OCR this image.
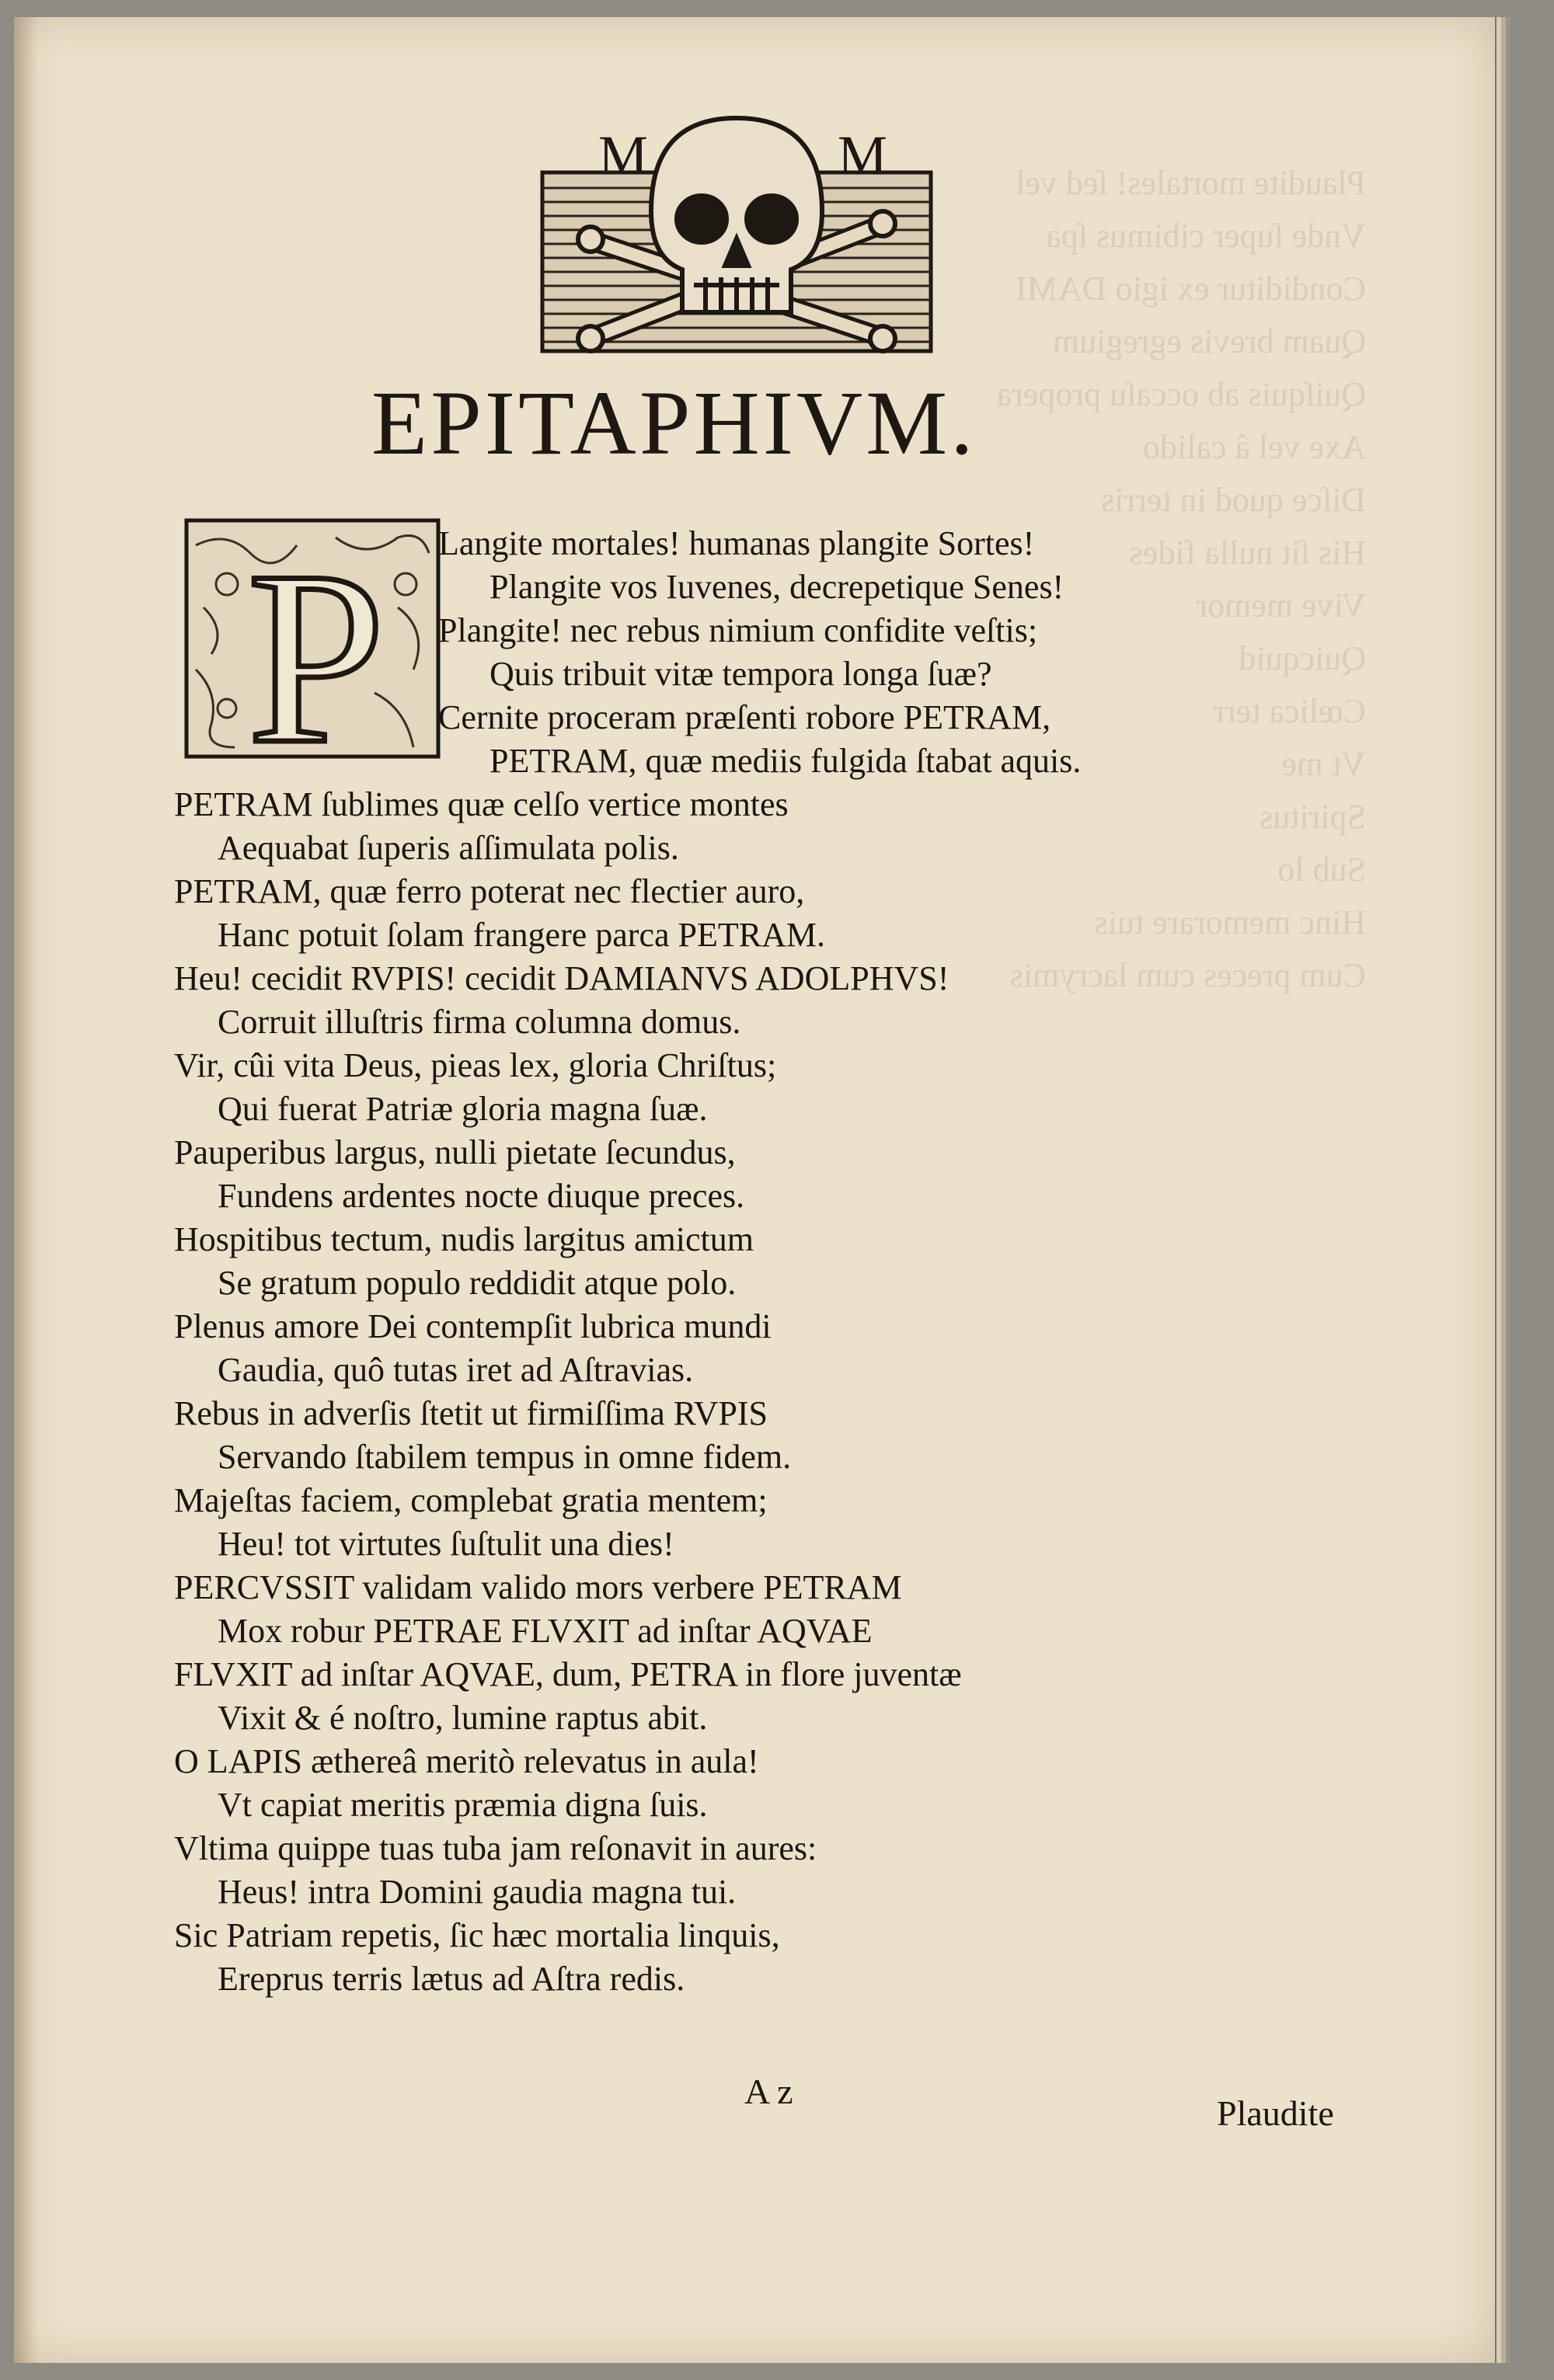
Plaudite mortales! ſed vel
Vnde ſuper cibimus ſpa
Condiditur ex igio DAMI
Quam brevis egregium
Quiſquis ab occaſu propera
Axe vel â calido
Diſce quod in terris
His ſit nulla fides
Vive memor
Quicquid
Cœlica terr
Vt me
Spiritus
Sub lo
Hinc memorare tuis
Cum preces cum lacrymis
M	M
EPITAPHIVM.
P Langite mortales! humanas plangite Sortes!
Plangite vos Iuvenes, decrepetique Senes!
Plangite! nec rebus nimium confidite veſtis;
Quis tribuit vitæ tempora longa ſuæ?
Cernite proceram præſenti robore PETRAM,
PETRAM, quæ mediis fulgida ſtabat aquis.
PETRAM ſublimes quæ celſo vertice montes
Aequabat ſuperis aſſimulata polis.
PETRAM, quæ ferro poterat nec flectier auro,
Hanc potuit ſolam frangere parca PETRAM.
Heu! cecidit RVPIS! cecidit DAMIANVS ADOLPHVS!
Corruit illuſtris firma columna domus.
Vir, cûi vita Deus, pieas lex, gloria Chriſtus;
Qui fuerat Patriæ gloria magna ſuæ.
Pauperibus largus, nulli pietate ſecundus,
Fundens ardentes nocte diuque preces.
Hospitibus tectum, nudis largitus amictum
Se gratum populo reddidit atque polo.
Plenus amore Dei contempſit lubrica mundi
Gaudia, quô tutas iret ad Aſtravias.
Rebus in adverſis ſtetit ut firmiſſima RVPIS
Servando ſtabilem tempus in omne fidem.
Majeſtas faciem, complebat gratia mentem;
Heu! tot virtutes ſuſtulit una dies!
PERCVSSIT validam valido mors verbere PETRAM
Mox robur PETRAE FLVXIT ad inſtar AQVAE
FLVXIT ad inſtar AQVAE, dum, PETRA in flore juventæ
Vixit & é noſtro, lumine raptus abit.
O LAPIS æthereâ meritò relevatus in aula!
Vt capiat meritis præmia digna ſuis.
Vltima quippe tuas tuba jam reſonavit in aures:
Heus! intra Domini gaudia magna tui.
Sic Patriam repetis, ſic hæc mortalia linquis,
Ereprus terris lætus ad Aſtra redis.
A z
Plaudite
